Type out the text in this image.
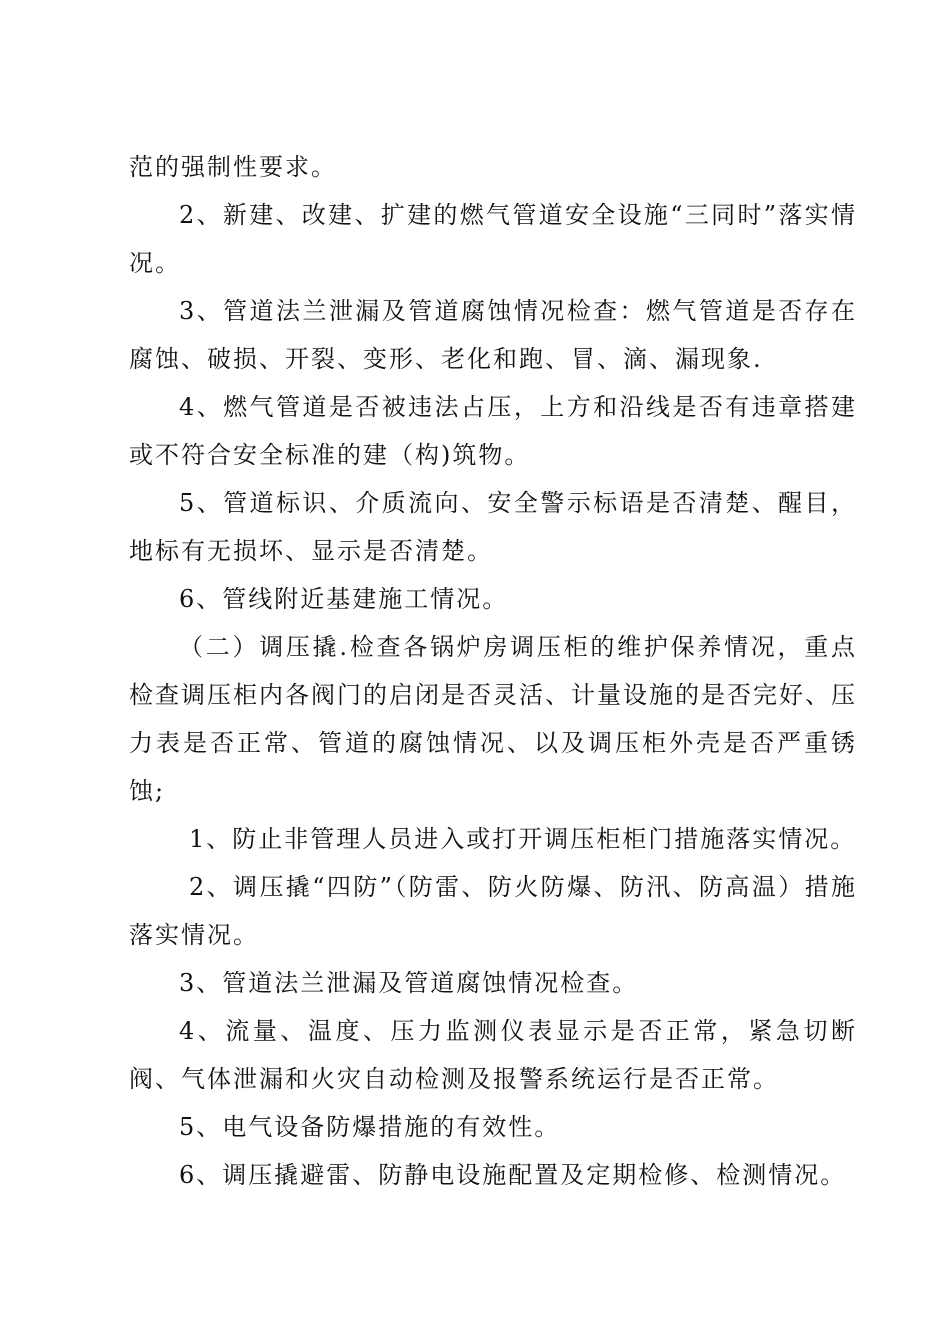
范的强制性要求。

2、新建、改建、扩建的燃气管道安全设施“三同时”落实情况。

3、管道法兰泄漏及管道腐蚀情况检查：燃气管道是否存在腐蚀、破损、开裂、变形、老化和跑、冒、滴、漏现象.

4、燃气管道是否被违法占压，上方和沿线是否有违章搭建或不符合安全标准的建（构)筑物。

5、管道标识、介质流向、安全警示标语是否清楚、醒目，地标有无损坏、显示是否清楚。

6、管线附近基建施工情况。

（二）调压撬.检查各锅炉房调压柜的维护保养情况，重点检查调压柜内各阀门的启闭是否灵活、计量设施的是否完好、压力表是否正常、管道的腐蚀情况、以及调压柜外壳是否严重锈蚀;

1、防止非管理人员进入或打开调压柜柜门措施落实情况。

2、调压撬“四防”（防雷、防火防爆、防汛、防高温）措施落实情况。

3、管道法兰泄漏及管道腐蚀情况检查。

4、流量、温度、压力监测仪表显示是否正常，紧急切断阀、气体泄漏和火灾自动检测及报警系统运行是否正常。

5、电气设备防爆措施的有效性。

6、调压撬避雷、防静电设施配置及定期检修、检测情况。
